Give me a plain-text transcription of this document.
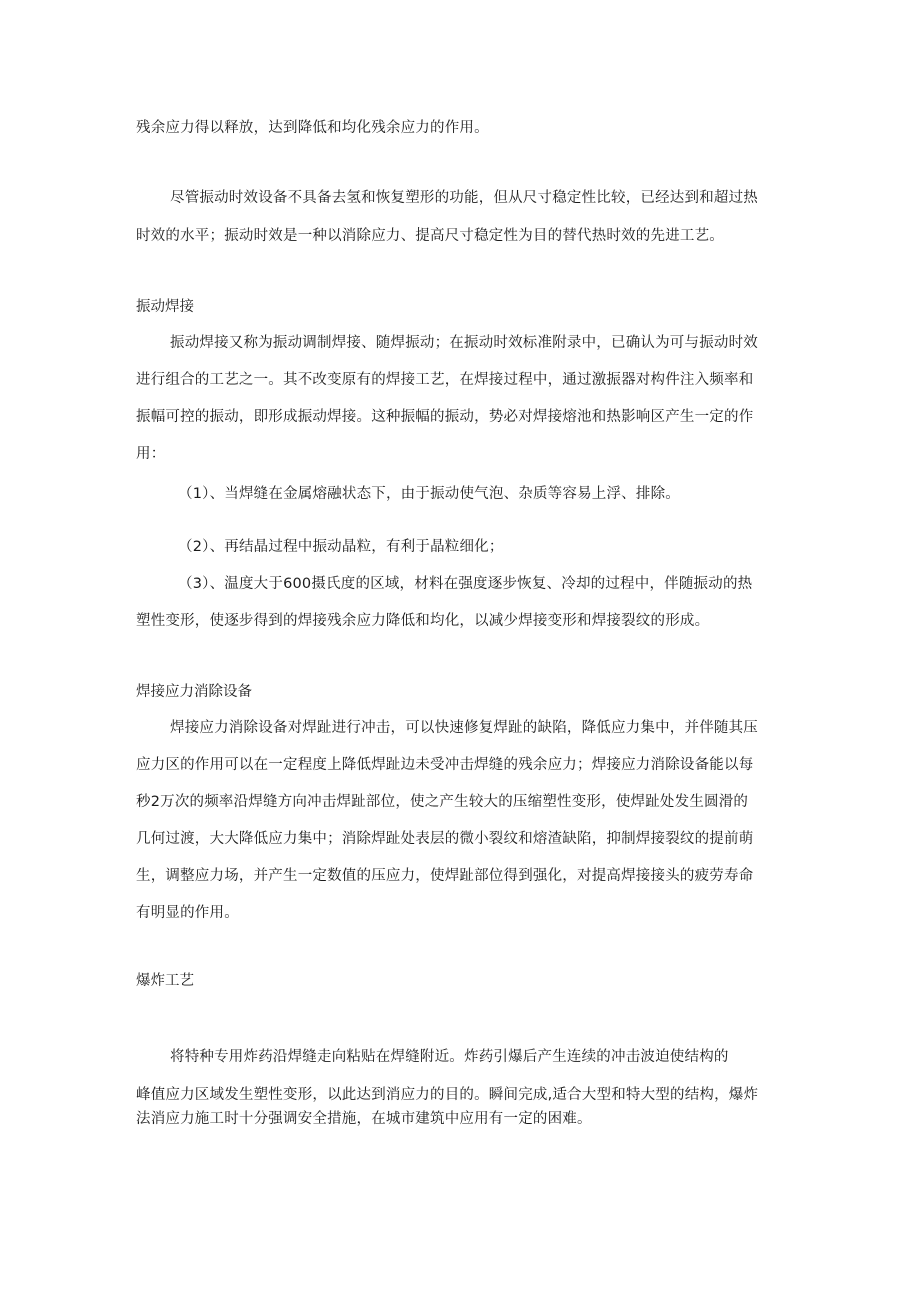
残余应力得以释放，达到降低和均化残余应力的作用。
尽管振动时效设备不具备去氢和恢复塑形的功能，但从尺寸稳定性比较，已经达到和超过热
时效的水平；振动时效是一种以消除应力、提高尺寸稳定性为目的替代热时效的先进工艺。
振动焊接
振动焊接又称为振动调制焊接、随焊振动；在振动时效标准附录中，已确认为可与振动时效
进行组合的工艺之一。其不改变原有的焊接工艺，在焊接过程中，通过激振器对构件注入频率和
振幅可控的振动，即形成振动焊接。这种振幅的振动，势必对焊接熔池和热影响区产生一定的作
用：
（1）、当焊缝在金属熔融状态下，由于振动使气泡、杂质等容易上浮、排除。
（2）、再结晶过程中振动晶粒，有利于晶粒细化；
（3）、温度大于600摄氏度的区域，材料在强度逐步恢复、冷却的过程中，伴随振动的热
塑性变形，使逐步得到的焊接残余应力降低和均化，以减少焊接变形和焊接裂纹的形成。
焊接应力消除设备
焊接应力消除设备对焊趾进行冲击，可以快速修复焊趾的缺陷，降低应力集中，并伴随其压
应力区的作用可以在一定程度上降低焊趾边未受冲击焊缝的残余应力；焊接应力消除设备能以每
秒2万次的频率沿焊缝方向冲击焊趾部位，使之产生较大的压缩塑性变形，使焊趾处发生圆滑的
几何过渡，大大降低应力集中；消除焊趾处表层的微小裂纹和熔渣缺陷，抑制焊接裂纹的提前萌
生，调整应力场，并产生一定数值的压应力，使焊趾部位得到强化，对提高焊接接头的疲劳寿命
有明显的作用。
爆炸工艺
将特种专用炸药沿焊缝走向粘贴在焊缝附近。炸药引爆后产生连续的冲击波迫使结构的
峰值应力区域发生塑性变形，以此达到消应力的目的。瞬间完成,适合大型和特大型的结构，爆炸
法消应力施工时十分强调安全措施，在城市建筑中应用有一定的困难。
